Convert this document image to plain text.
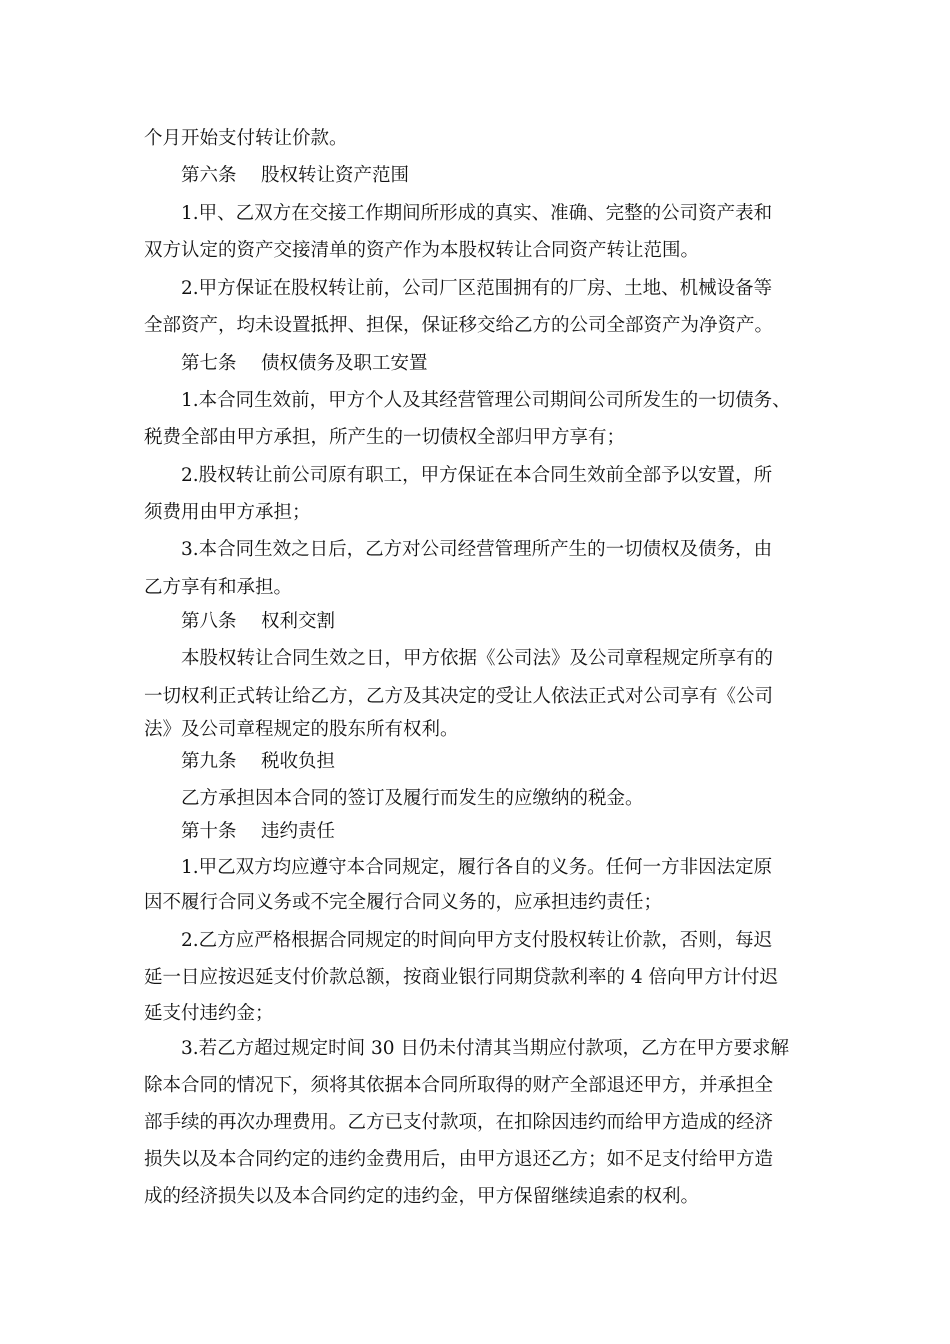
个月开始支付转让价款。
第六条 股权转让资产范围
1.甲、乙双方在交接工作期间所形成的真实、准确、完整的公司资产表和
双方认定的资产交接清单的资产作为本股权转让合同资产转让范围。
2.甲方保证在股权转让前，公司厂区范围拥有的厂房、土地、机械设备等
全部资产，均未设置抵押、担保，保证移交给乙方的公司全部资产为净资产。
第七条 债权债务及职工安置
1.本合同生效前，甲方个人及其经营管理公司期间公司所发生的一切债务、
税费全部由甲方承担，所产生的一切债权全部归甲方享有；
2.股权转让前公司原有职工，甲方保证在本合同生效前全部予以安置，所
须费用由甲方承担；
3.本合同生效之日后，乙方对公司经营管理所产生的一切债权及债务，由
乙方享有和承担。
第八条 权利交割
本股权转让合同生效之日，甲方依据《公司法》及公司章程规定所享有的
一切权利正式转让给乙方，乙方及其决定的受让人依法正式对公司享有《公司
法》及公司章程规定的股东所有权利。
第九条 税收负担
乙方承担因本合同的签订及履行而发生的应缴纳的税金。
第十条 违约责任
1.甲乙双方均应遵守本合同规定，履行各自的义务。任何一方非因法定原
因不履行合同义务或不完全履行合同义务的，应承担违约责任；
2.乙方应严格根据合同规定的时间向甲方支付股权转让价款，否则，每迟
延一日应按迟延支付价款总额，按商业银行同期贷款利率的 4 倍向甲方计付迟
延支付违约金；
3.若乙方超过规定时间 30 日仍未付清其当期应付款项，乙方在甲方要求解
除本合同的情况下，须将其依据本合同所取得的财产全部退还甲方，并承担全
部手续的再次办理费用。乙方已支付款项，在扣除因违约而给甲方造成的经济
损失以及本合同约定的违约金费用后，由甲方退还乙方；如不足支付给甲方造
成的经济损失以及本合同约定的违约金，甲方保留继续追索的权利。
